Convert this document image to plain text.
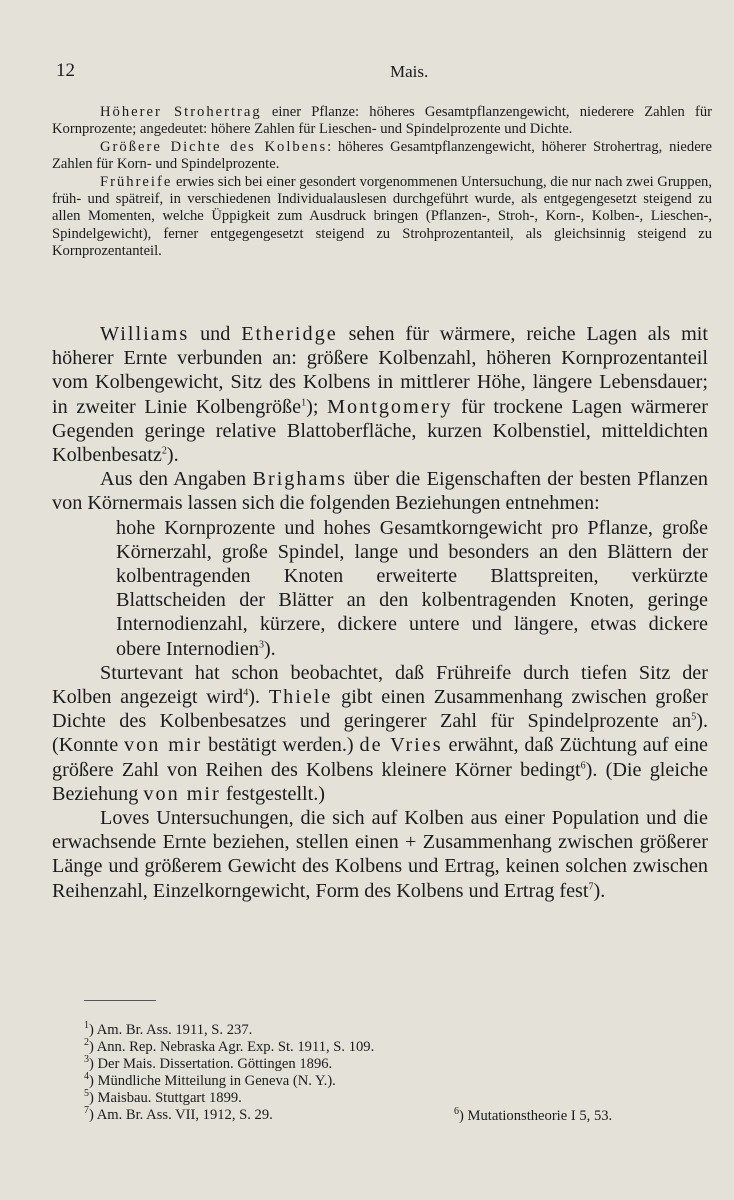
12	Mais.

Höherer Strohertrag einer Pflanze: höheres Gesamtpflanzengewicht, niederere Zahlen für Kornprozente; angedeutet: höhere Zahlen für Lieschen- und Spindelprozente und Dichte.

Größere Dichte des Kolbens: höheres Gesamtpflanzengewicht, höherer Strohertrag, niedere Zahlen für Korn- und Spindelprozente.

Frühreife erwies sich bei einer gesondert vorgenommenen Untersuchung, die nur nach zwei Gruppen, früh- und spätreif, in verschiedenen Individualauslesen durchgeführt wurde, als entgegengesetzt steigend zu allen Momenten, welche Üppigkeit zum Ausdruck bringen (Pflanzen-, Stroh-, Korn-, Kolben-, Lieschen-, Spindelgewicht), ferner entgegengesetzt steigend zu Strohprozentanteil, als gleichsinnig steigend zu Kornprozentanteil.

Williams und Etheridge sehen für wärmere, reiche Lagen als mit höherer Ernte verbunden an: größere Kolbenzahl, höheren Kornprozentanteil vom Kolbengewicht, Sitz des Kolbens in mittlerer Höhe, längere Lebensdauer; in zweiter Linie Kolbengröße$^1$); Montgomery für trockene Lagen wärmerer Gegenden geringe relative Blattoberfläche, kurzen Kolbenstiel, mitteldichten Kolbenbesatz$^2$).

Aus den Angaben Brighams über die Eigenschaften der besten Pflanzen von Körnermais lassen sich die folgenden Beziehungen entnehmen:

hohe Kornprozente und hohes Gesamtkorngewicht pro Pflanze, große Körnerzahl, große Spindel, lange und besonders an den Blättern der kolbentragenden Knoten erweiterte Blattspreiten, verkürzte Blattscheiden der Blätter an den kolbentragenden Knoten, geringe Internodienzahl, kürzere, dickere untere und längere, etwas dickere obere Internodien$^3$).

Sturtevant hat schon beobachtet, daß Frühreife durch tiefen Sitz der Kolben angezeigt wird$^4$). Thiele gibt einen Zusammenhang zwischen großer Dichte des Kolbenbesatzes und geringerer Zahl für Spindelprozente $an^5$). (Konnte von mir bestätigt werden.) de Vries erwähnt, daß Züchtung auf eine größere Zahl von Reihen des Kolbens kleinere Körner bedingt$^6$). (Die gleiche Beziehung von mir festgestellt.)

Loves Untersuchungen, die sich auf Kolben aus einer Population und die erwachsende Ernte beziehen, stellen einen + Zusammenhang zwischen größerer Länge und größerem Gewicht des Kolbens und Ertrag, keinen solchen zwischen Reihenzahl, Einzelkorngewicht, Form des Kolbens und Ertrag fest$^7$).

$^1$) Am. Br. Ass. 1911, S. 237.
$^2$) Ann. Rep. Nebraska Agr. Exp. St. 1911, S. 109.
$^3$) Der Mais. Dissertation. Göttingen 1896.
$^4$) Mündliche Mitteilung in Geneva (N. Y.).
$^5$) Maisbau. Stuttgart 1899.
$^6$) Mutationstheorie I 5, 53.
$^7$) Am. Br. Ass. VII, 1912, S. 29.
